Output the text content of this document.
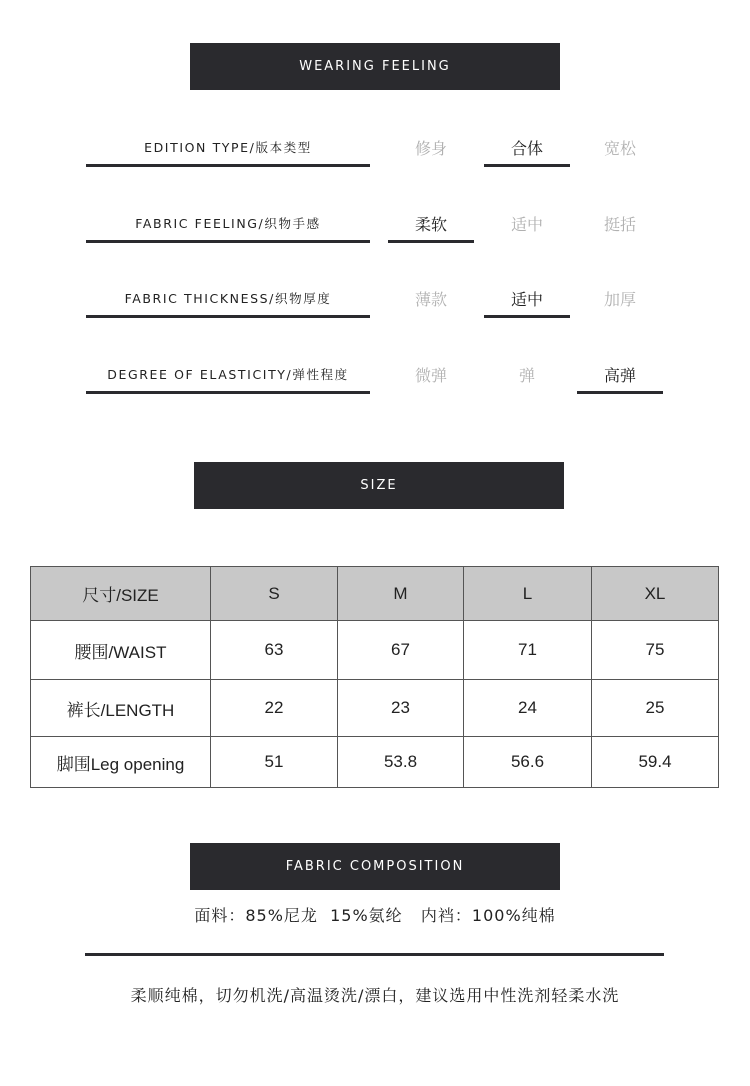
WEARING FEELING
EDITION TYPE/版本类型	修身	合体	宽松
FABRIC FEELING/织物手感	柔软	适中	挺括
FABRIC THICKNESS/织物厚度	薄款	适中	加厚
DEGREE OF ELASTICITY/弹性程度	微弹	弹	高弹
SIZE
尺寸/SIZE	S	M	L	XL
腰围/WAIST	63	67	71	75
裤长/LENGTH	22	23	24	25
脚围Leg opening	51	53.8	56.6	59.4
FABRIC COMPOSITION
面料：85%尼龙  15%氨纶   内裆：100%纯棉
柔顺纯棉，切勿机洗/高温烫洗/漂白，建议选用中性洗剂轻柔水洗
